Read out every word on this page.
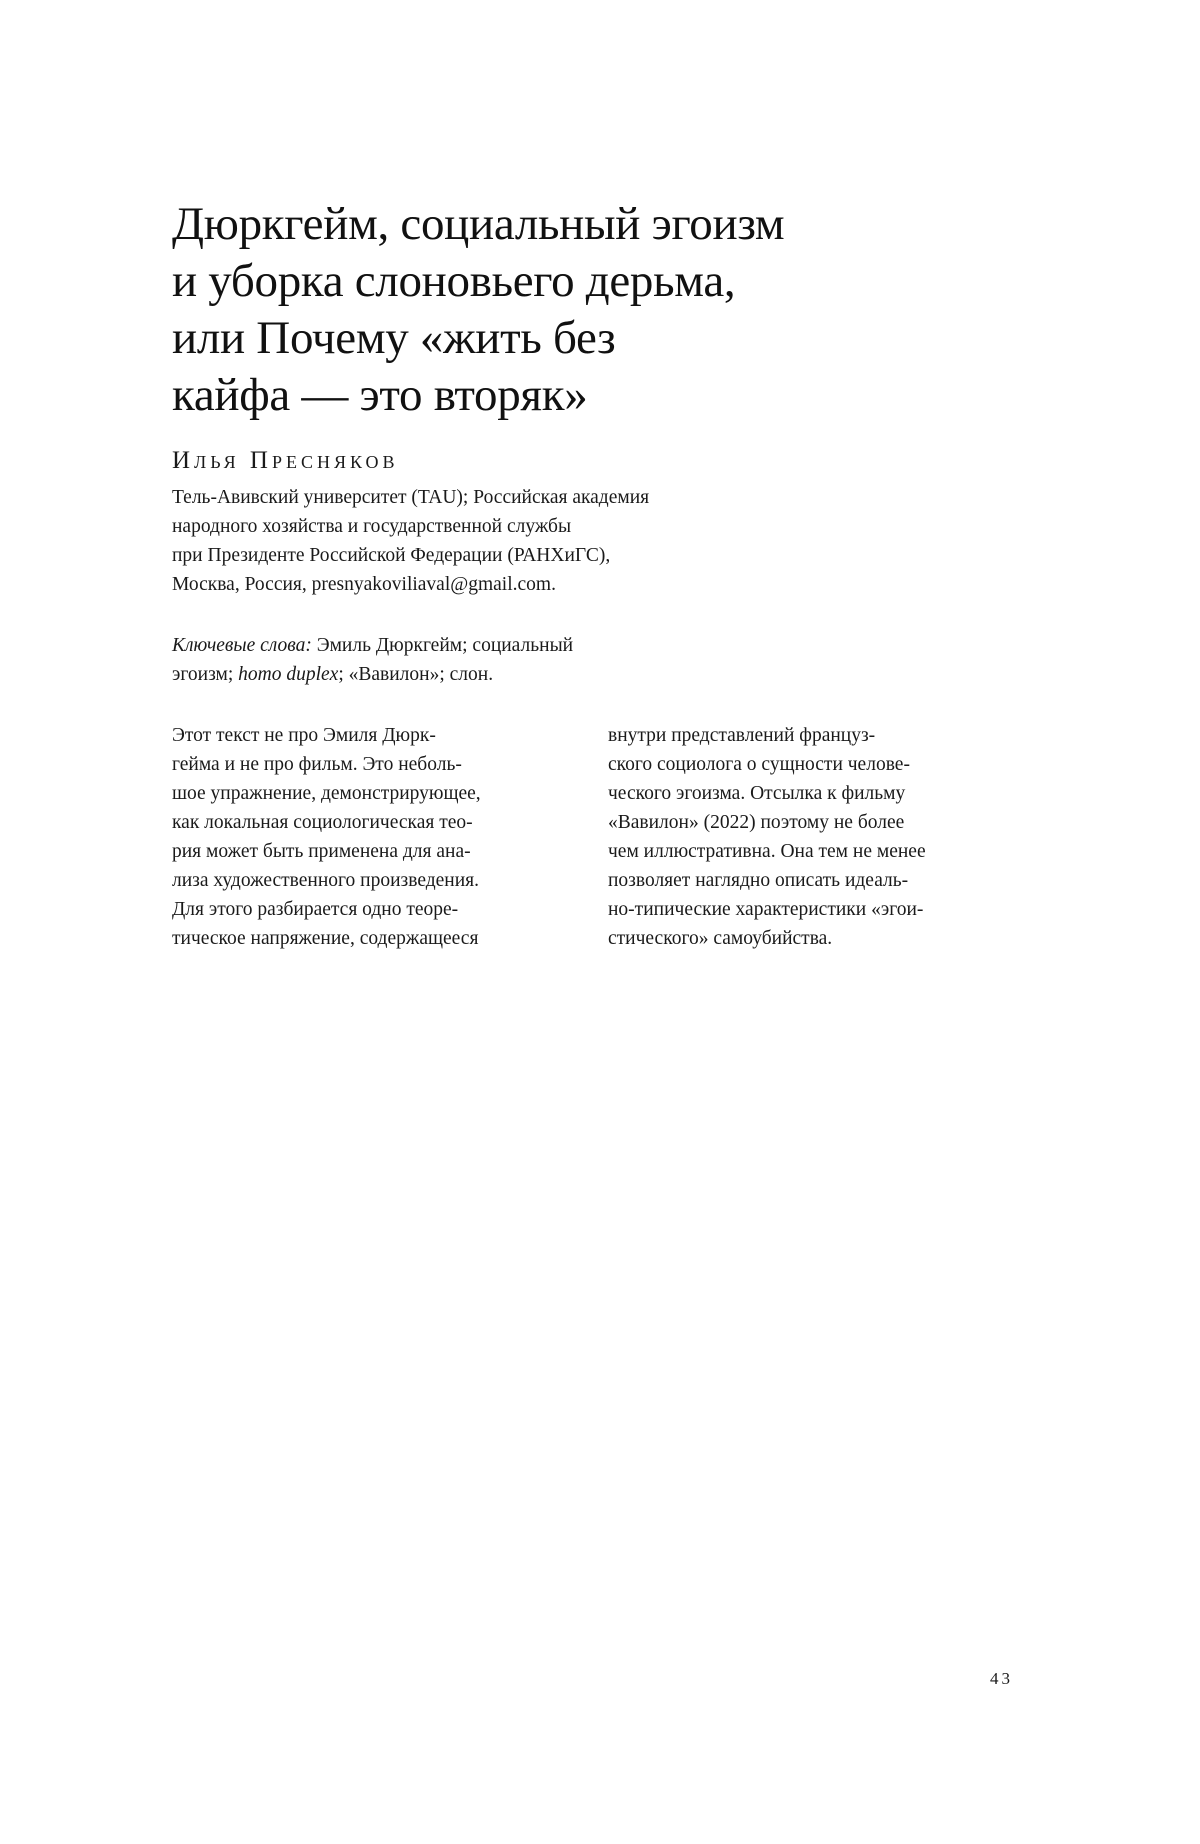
Дюркгейм, социальный эгоизм
и уборка слоновьего дерьма,
или Почему «жить без
кайфа — это вторяк»

Илья Пресняков

Тель-Авивский университет (TAU); Российская академия
народного хозяйства и государственной службы
при Президенте Российской Федерации (РАНХиГС),
Москва, Россия, presnyakoviliaval@gmail.com.

Ключевые слова: Эмиль Дюркгейм; социальный
эгоизм; homo duplex; «Вавилон»; слон.

Этот текст не про Эмиля Дюрк-
гейма и не про фильм. Это неболь-
шое упражнение, демонстрирующее,
как локальная социологическая тео-
рия может быть применена для ана-
лиза художественного произведения.
Для этого разбирается одно теоре-
тическое напряжение, содержащееся
внутри представлений француз-
ского социолога о сущности челове-
ческого эгоизма. Отсылка к фильму
«Вавилон» (2022) поэтому не более
чем иллюстративна. Она тем не менее
позволяет наглядно описать идеаль-
но-типические характеристики «эгои-
стического» самоубийства.
43
